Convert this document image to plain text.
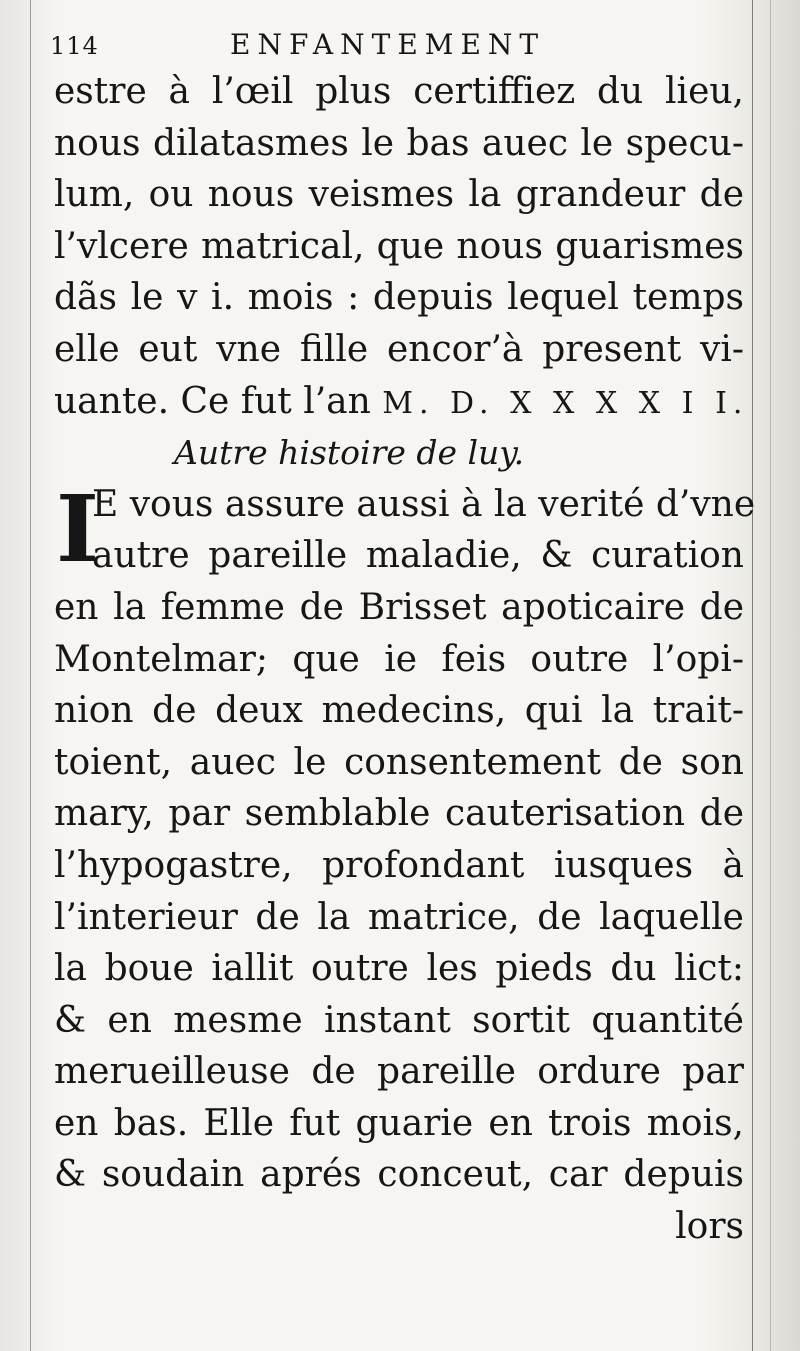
114	ENFANTEMENT
estre à l’œil plus certiffiez du lieu,
nous dilatasmes le bas auec le specu-
lum, ou nous veismes la grandeur de
l’vlcere matrical, que nous guarismes
dãs le v i. mois : depuis lequel temps
elle eut vne fille encor’à present vi-
uante. Ce fut l’an M. D. X X X X I I.
Autre histoire de luy.
I
E vous assure aussi à la verité d’vne
autre pareille maladie, & curation
en la femme de Brisset apoticaire de
Montelmar; que ie feis outre l’opi-
nion de deux medecins, qui la trait-
toient, auec le consentement de son
mary, par semblable cauterisation de
l’hypogastre, profondant iusques à
l’interieur de la matrice, de laquelle
la boue iallit outre les pieds du lict:
& en mesme instant sortit quantité
merueilleuse de pareille ordure par
en bas. Elle fut guarie en trois mois,
& soudain aprés conceut, car depuis
lors
